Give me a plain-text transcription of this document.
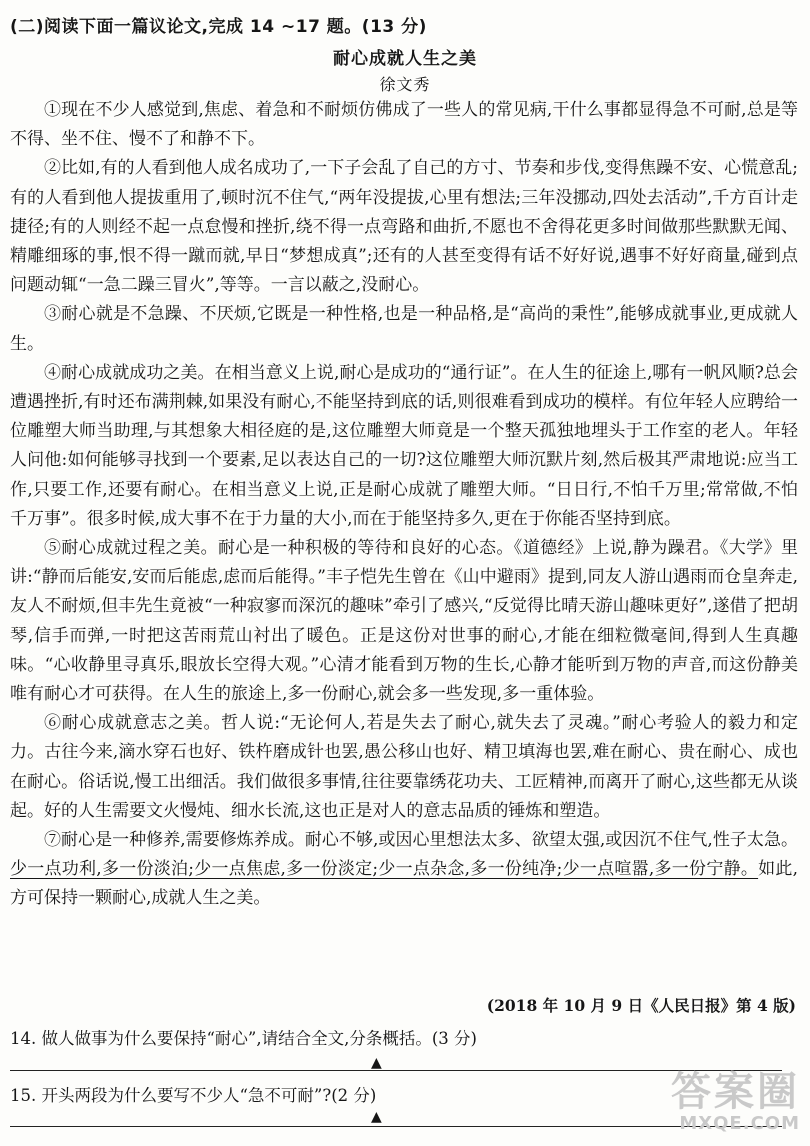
(二)阅读下面一篇议论文,完成 14 ~17 题。(13 分)
耐心成就人生之美
徐文秀

①现在不少人感觉到,焦虑、着急和不耐烦仿佛成了一些人的常见病,干什么事都显得急不可耐,总是等不得、坐不住、慢不了和静不下。

②比如,有的人看到他人成名成功了,一下子会乱了自己的方寸、节奏和步伐,变得焦躁不安、心慌意乱;有的人看到他人提拔重用了,顿时沉不住气,“两年没提拔,心里有想法;三年没挪动,四处去活动”,千方百计走捷径;有的人则经不起一点怠慢和挫折,绕不得一点弯路和曲折,不愿也不舍得花更多时间做那些默默无闻、精雕细琢的事,恨不得一蹴而就,早日“梦想成真”;还有的人甚至变得有话不好好说,遇事不好好商量,碰到点问题动辄“一急二躁三冒火”,等等。一言以蔽之,没耐心。

③耐心就是不急躁、不厌烦,它既是一种性格,也是一种品格,是“高尚的秉性”,能够成就事业,更成就人生。

④耐心成就成功之美。在相当意义上说,耐心是成功的“通行证”。在人生的征途上,哪有一帆风顺?总会遭遇挫折,有时还布满荆棘,如果没有耐心,不能坚持到底的话,则很难看到成功的模样。有位年轻人应聘给一位雕塑大师当助理,与其想象大相径庭的是,这位雕塑大师竟是一个整天孤独地埋头于工作室的老人。年轻人问他:如何能够寻找到一个要素,足以表达自己的一切?这位雕塑大师沉默片刻,然后极其严肃地说:应当工作,只要工作,还要有耐心。在相当意义上说,正是耐心成就了雕塑大师。“日日行,不怕千万里;常常做,不怕千万事”。很多时候,成大事不在于力量的大小,而在于能坚持多久,更在于你能否坚持到底。

⑤耐心成就过程之美。耐心是一种积极的等待和良好的心态。《道德经》上说,静为躁君。《大学》里讲:“静而后能安,安而后能虑,虑而后能得。”丰子恺先生曾在《山中避雨》提到,同友人游山遇雨而仓皇奔走,友人不耐烦,但丰先生竟被“一种寂寥而深沉的趣味”牵引了感兴,“反觉得比晴天游山趣味更好”,遂借了把胡琴,信手而弹,一时把这苦雨荒山衬出了暖色。正是这份对世事的耐心,才能在细粒微毫间,得到人生真趣味。“心收静里寻真乐,眼放长空得大观。”心清才能看到万物的生长,心静才能听到万物的声音,而这份静美唯有耐心才可获得。在人生的旅途上,多一份耐心,就会多一些发现,多一重体验。

⑥耐心成就意志之美。哲人说:“无论何人,若是失去了耐心,就失去了灵魂。”耐心考验人的毅力和定力。古往今来,滴水穿石也好、铁杵磨成针也罢,愚公移山也好、精卫填海也罢,难在耐心、贵在耐心、成也在耐心。俗话说,慢工出细活。我们做很多事情,往往要靠绣花功夫、工匠精神,而离开了耐心,这些都无从谈起。好的人生需要文火慢炖、细水长流,这也正是对人的意志品质的锤炼和塑造。

⑦耐心是一种修养,需要修炼养成。耐心不够,或因心里想法太多、欲望太强,或因沉不住气,性子太急。少一点功利,多一份淡泊;少一点焦虑,多一份淡定;少一点杂念,多一份纯净;少一点喧嚣,多一份宁静。如此,方可保持一颗耐心,成就人生之美。

(2018 年 10 月 9 日《人民日报》第 4 版)
14. 做人做事为什么要保持“耐心”,请结合全文,分条概括。(3 分)
▲
15. 开头两段为什么要写不少人“急不可耐”?(2 分)
▲
答案圈
MXQE.COM
